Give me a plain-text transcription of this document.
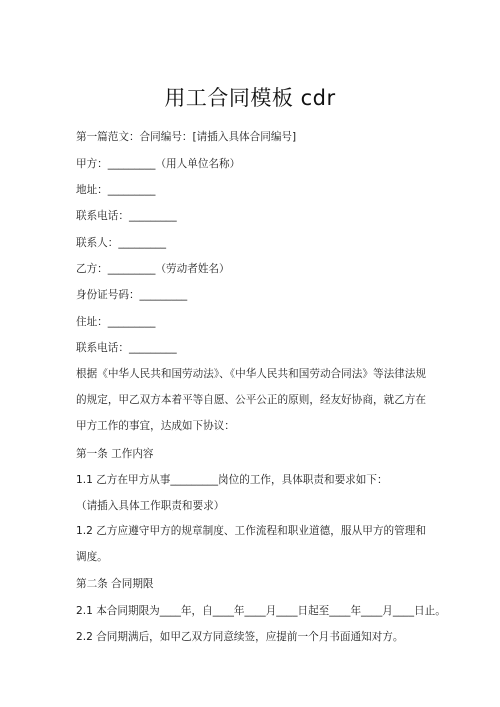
用工合同模板 cdr
第一篇范文：合同编号：[请插入具体合同编号]
甲方：_________（用人单位名称）
地址：_________
联系电话：_________
联系人：_________
乙方：_________（劳动者姓名）
身份证号码：_________
住址：_________
联系电话：_________
根据《中华人民共和国劳动法》、《中华人民共和国劳动合同法》等法律法规的规定，甲乙双方本着平等自愿、公平公正的原则，经友好协商，就乙方在甲方工作的事宜，达成如下协议：
第一条 工作内容
1.1 乙方在甲方从事_________岗位的工作，具体职责和要求如下：
（请插入具体工作职责和要求）
1.2 乙方应遵守甲方的规章制度、工作流程和职业道德，服从甲方的管理和调度。
第二条 合同期限
2.1 本合同期限为____年，自____年____月____日起至____年____月____日止。
2.2 合同期满后，如甲乙双方同意续签，应提前一个月书面通知对方。
